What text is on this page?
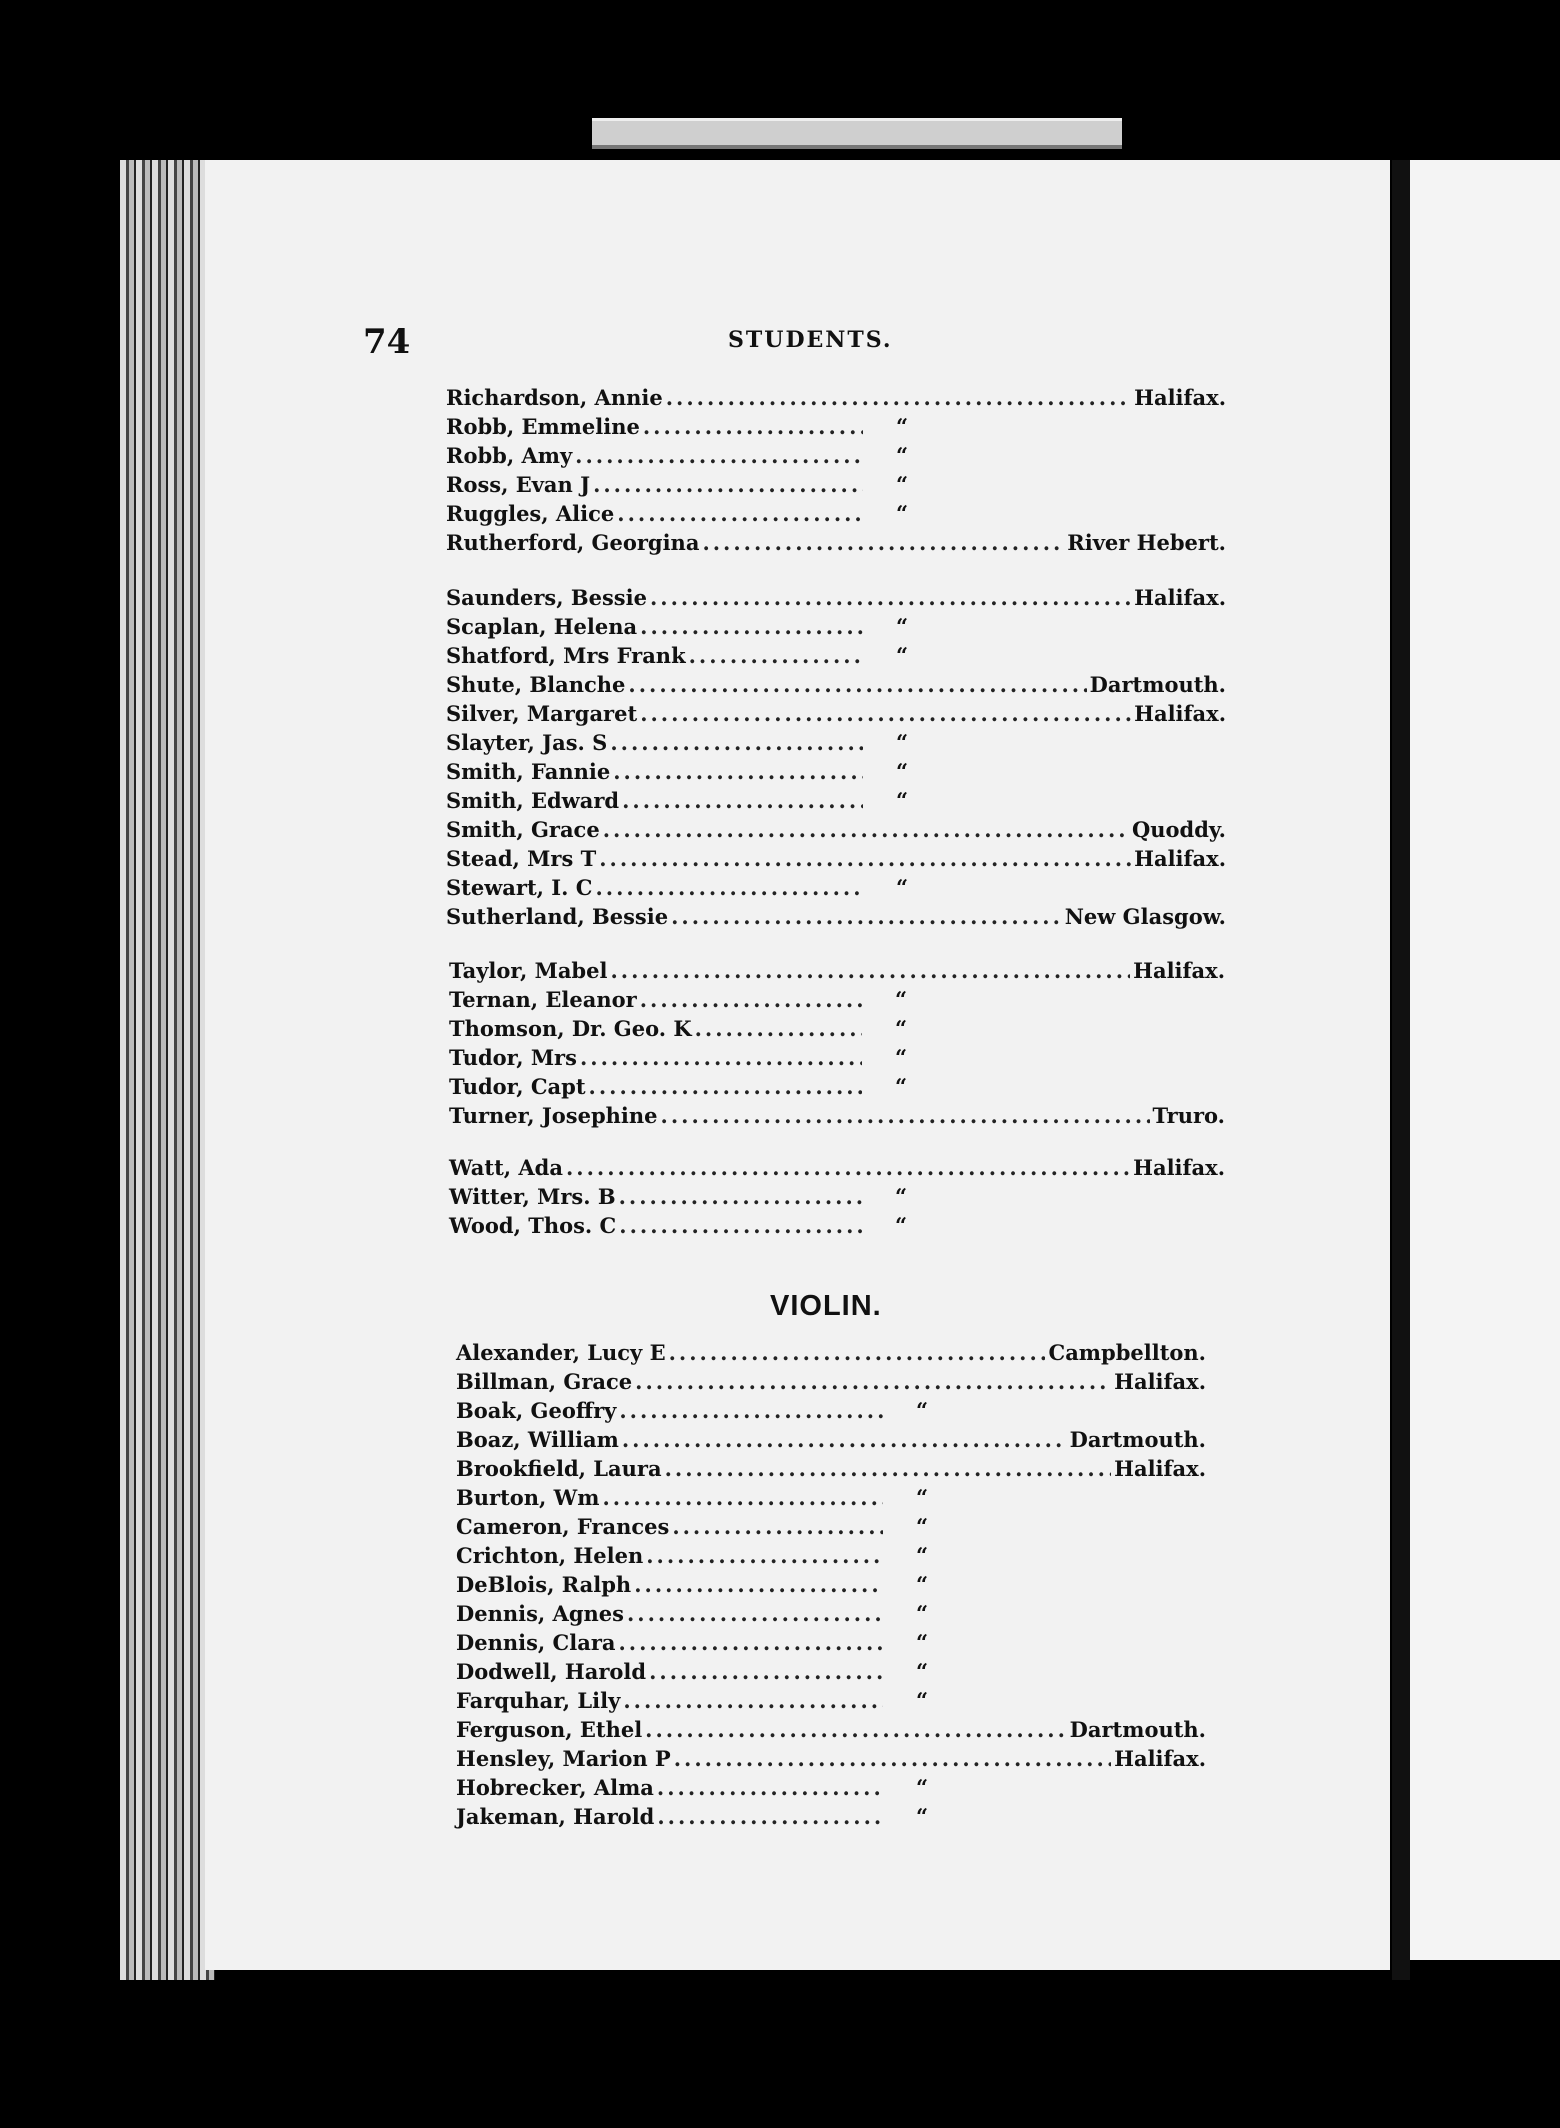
74	STUDENTS.
Richardson, Annie .....	Halifax.
Robb, Emmeline .....	“
Robb, Amy .....	“
Ross, Evan J .....	“
Ruggles, Alice .....	“
Rutherford, Georgina .....	River Hebert.
Saunders, Bessie .....	Halifax.
Scaplan, Helena .....	“
Shatford, Mrs Frank .....	“
Shute, Blanche .....	Dartmouth.
Silver, Margaret .....	Halifax.
Slayter, Jas. S .....	“
Smith, Fannie .....	“
Smith, Edward .....	“
Smith, Grace .....	Quoddy.
Stead, Mrs T .....	Halifax.
Stewart, I. C .....	“
Sutherland, Bessie .....	New Glasgow.
Taylor, Mabel .....	Halifax.
Ternan, Eleanor .....	“
Thomson, Dr. Geo. K .....	“
Tudor, Mrs .....	“
Tudor, Capt .....	“
Turner, Josephine .....	Truro.
Watt, Ada .....	Halifax.
Witter, Mrs. B .....	“
Wood, Thos. C .....	“
Alexander, Lucy E .....	Campbellton.
Billman, Grace .....	Halifax.
Boak, Geoffry .....	“
Boaz, William .....	Dartmouth.
Brookfield, Laura .....	Halifax.
Burton, Wm .....	“
Cameron, Frances .....	“
Crichton, Helen .....	“
DeBlois, Ralph .....	“
Dennis, Agnes .....	“
Dennis, Clara .....	“
Dodwell, Harold .....	“
Farquhar, Lily .....	“
Ferguson, Ethel .....	Dartmouth.
Hensley, Marion P .....	Halifax.
Hobrecker, Alma .....	“
Jakeman, Harold .....	“
VIOLIN.
